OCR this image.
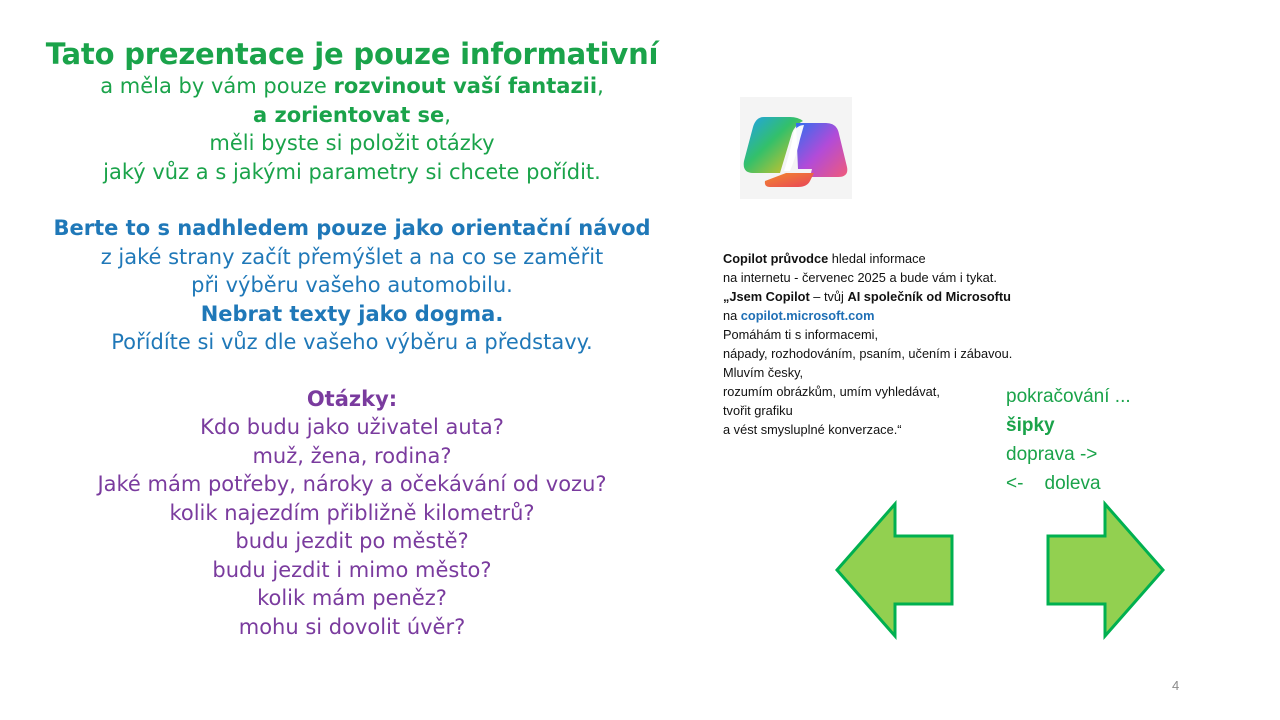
Tato prezentace je pouze informativní
a měla by vám pouze rozvinout vaší fantazii,
a zorientovat se,
měli byste si položit otázky
jaký vůz a s jakými parametry si chcete pořídit.
Berte to s nadhledem pouze jako orientační návod
z jaké strany začít přemýšlet a na co se zaměřit
při výběru vašeho automobilu.
Nebrat texty jako dogma.
Pořídíte si vůz dle vašeho výběru a představy.
Otázky:
Kdo budu jako uživatel auta?
muž, žena, rodina?
Jaké mám potřeby, nároky a očekávání od vozu?
kolik najezdím přibližně kilometrů?
budu jezdit po městě?
budu jezdit i mimo město?
kolik mám peněz?
mohu si dovolit úvěr?
Copilot průvodce hledal informace
na internetu - červenec 2025 a bude vám i tykat.
„Jsem Copilot – tvůj AI společník od Microsoftu
na copilot.microsoft.com
Pomáhám ti s informacemi,
nápady, rozhodováním, psaním, učením i zábavou.
Mluvím česky,
rozumím obrázkům, umím vyhledávat,
tvořit grafiku
a vést smysluplné konverzace.“
pokračování ...
šipky
doprava ->
<-    doleva
4
